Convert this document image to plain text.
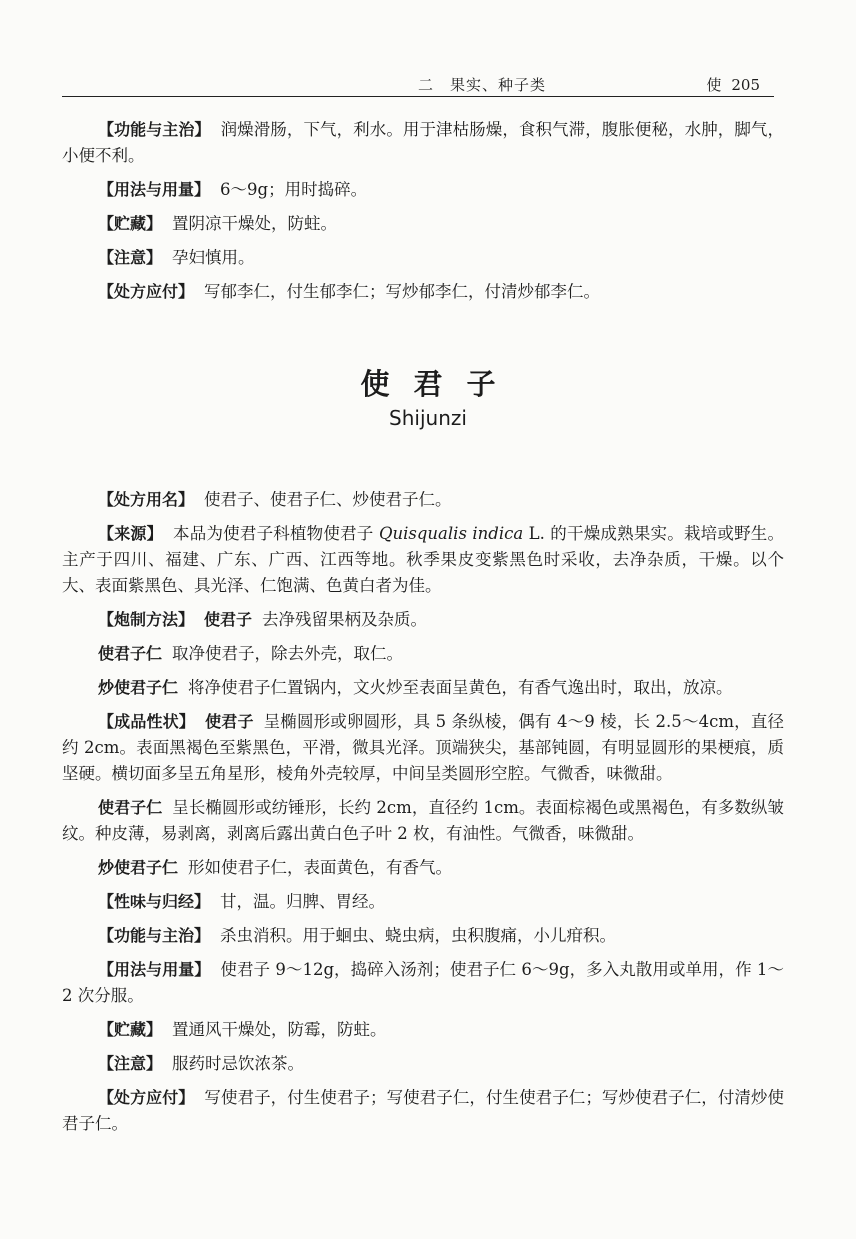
二　果实、种子类	使 205

【功能与主治】 润燥滑肠，下气，利水。用于津枯肠燥，食积气滞，腹胀便秘，水肿，脚气，小便不利。

【用法与用量】 6～9g；用时捣碎。

【贮藏】 置阴凉干燥处，防蛀。

【注意】 孕妇慎用。

【处方应付】 写郁李仁，付生郁李仁；写炒郁李仁，付清炒郁李仁。

使君子
Shijunzi

【处方用名】 使君子、使君子仁、炒使君子仁。

【来源】 本品为使君子科植物使君子 Quisqualis indica L. 的干燥成熟果实。栽培或野生。主产于四川、福建、广东、广西、江西等地。秋季果皮变紫黑色时采收，去净杂质，干燥。以个大、表面紫黑色、具光泽、仁饱满、色黄白者为佳。

【炮制方法】 使君子 去净残留果柄及杂质。

使君子仁 取净使君子，除去外壳，取仁。

炒使君子仁 将净使君子仁置锅内，文火炒至表面呈黄色，有香气逸出时，取出，放凉。

【成品性状】 使君子 呈椭圆形或卵圆形，具 5 条纵棱，偶有 4～9 棱，长 2.5～4cm，直径约 2cm。表面黑褐色至紫黑色，平滑，微具光泽。顶端狭尖，基部钝圆，有明显圆形的果梗痕，质坚硬。横切面多呈五角星形，棱角外壳较厚，中间呈类圆形空腔。气微香，味微甜。

使君子仁 呈长椭圆形或纺锤形，长约 2cm，直径约 1cm。表面棕褐色或黑褐色，有多数纵皱纹。种皮薄，易剥离，剥离后露出黄白色子叶 2 枚，有油性。气微香，味微甜。

炒使君子仁 形如使君子仁，表面黄色，有香气。

【性味与归经】 甘，温。归脾、胃经。

【功能与主治】 杀虫消积。用于蛔虫、蛲虫病，虫积腹痛，小儿疳积。

【用法与用量】 使君子 9～12g，捣碎入汤剂；使君子仁 6～9g，多入丸散用或单用，作 1～2 次分服。

【贮藏】 置通风干燥处，防霉，防蛀。

【注意】 服药时忌饮浓茶。

【处方应付】 写使君子，付生使君子；写使君子仁，付生使君子仁；写炒使君子仁，付清炒使君子仁。
